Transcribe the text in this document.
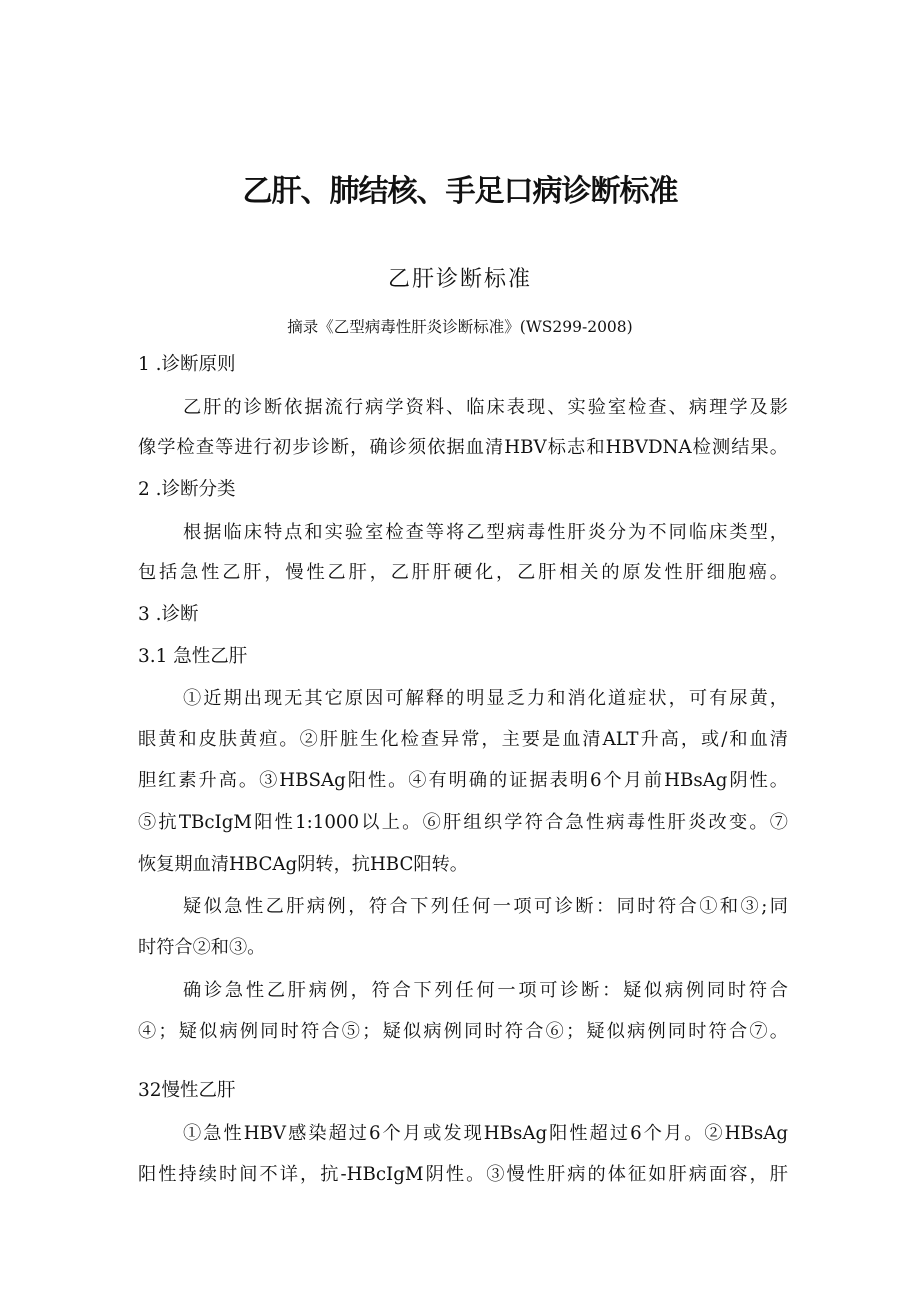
乙肝、肺结核、手足口病诊断标准
乙肝诊断标准
摘录《乙型病毒性肝炎诊断标准》(WS299-2008)
1 .诊断原则
乙肝的诊断依据流行病学资料、临床表现、实验室检查、病理学及影
像学检查等进行初步诊断，确诊须依据血清HBV标志和HBVDNA检测结果。
2 .诊断分类
根据临床特点和实验室检查等将乙型病毒性肝炎分为不同临床类型，
包括急性乙肝，慢性乙肝，乙肝肝硬化，乙肝相关的原发性肝细胞癌。
3 .诊断
3.1 急性乙肝
①近期出现无其它原因可解释的明显乏力和消化道症状，可有尿黄，
眼黄和皮肤黄疸。②肝脏生化检查异常，主要是血清ALT升高，或/和血清
胆红素升高。③HBSAg阳性。④有明确的证据表明6个月前HBsAg阴性。
⑤抗TBcIgM阳性1:1000以上。⑥肝组织学符合急性病毒性肝炎改变。⑦
恢复期血清HBCAg阴转，抗HBC阳转。
疑似急性乙肝病例，符合下列任何一项可诊断：同时符合①和③;同
时符合②和③。
确诊急性乙肝病例，符合下列任何一项可诊断：疑似病例同时符合
④；疑似病例同时符合⑤；疑似病例同时符合⑥；疑似病例同时符合⑦。
32慢性乙肝
①急性HBV感染超过6个月或发现HBsAg阳性超过6个月。②HBsAg
阳性持续时间不详，抗-HBcIgM阴性。③慢性肝病的体征如肝病面容，肝
